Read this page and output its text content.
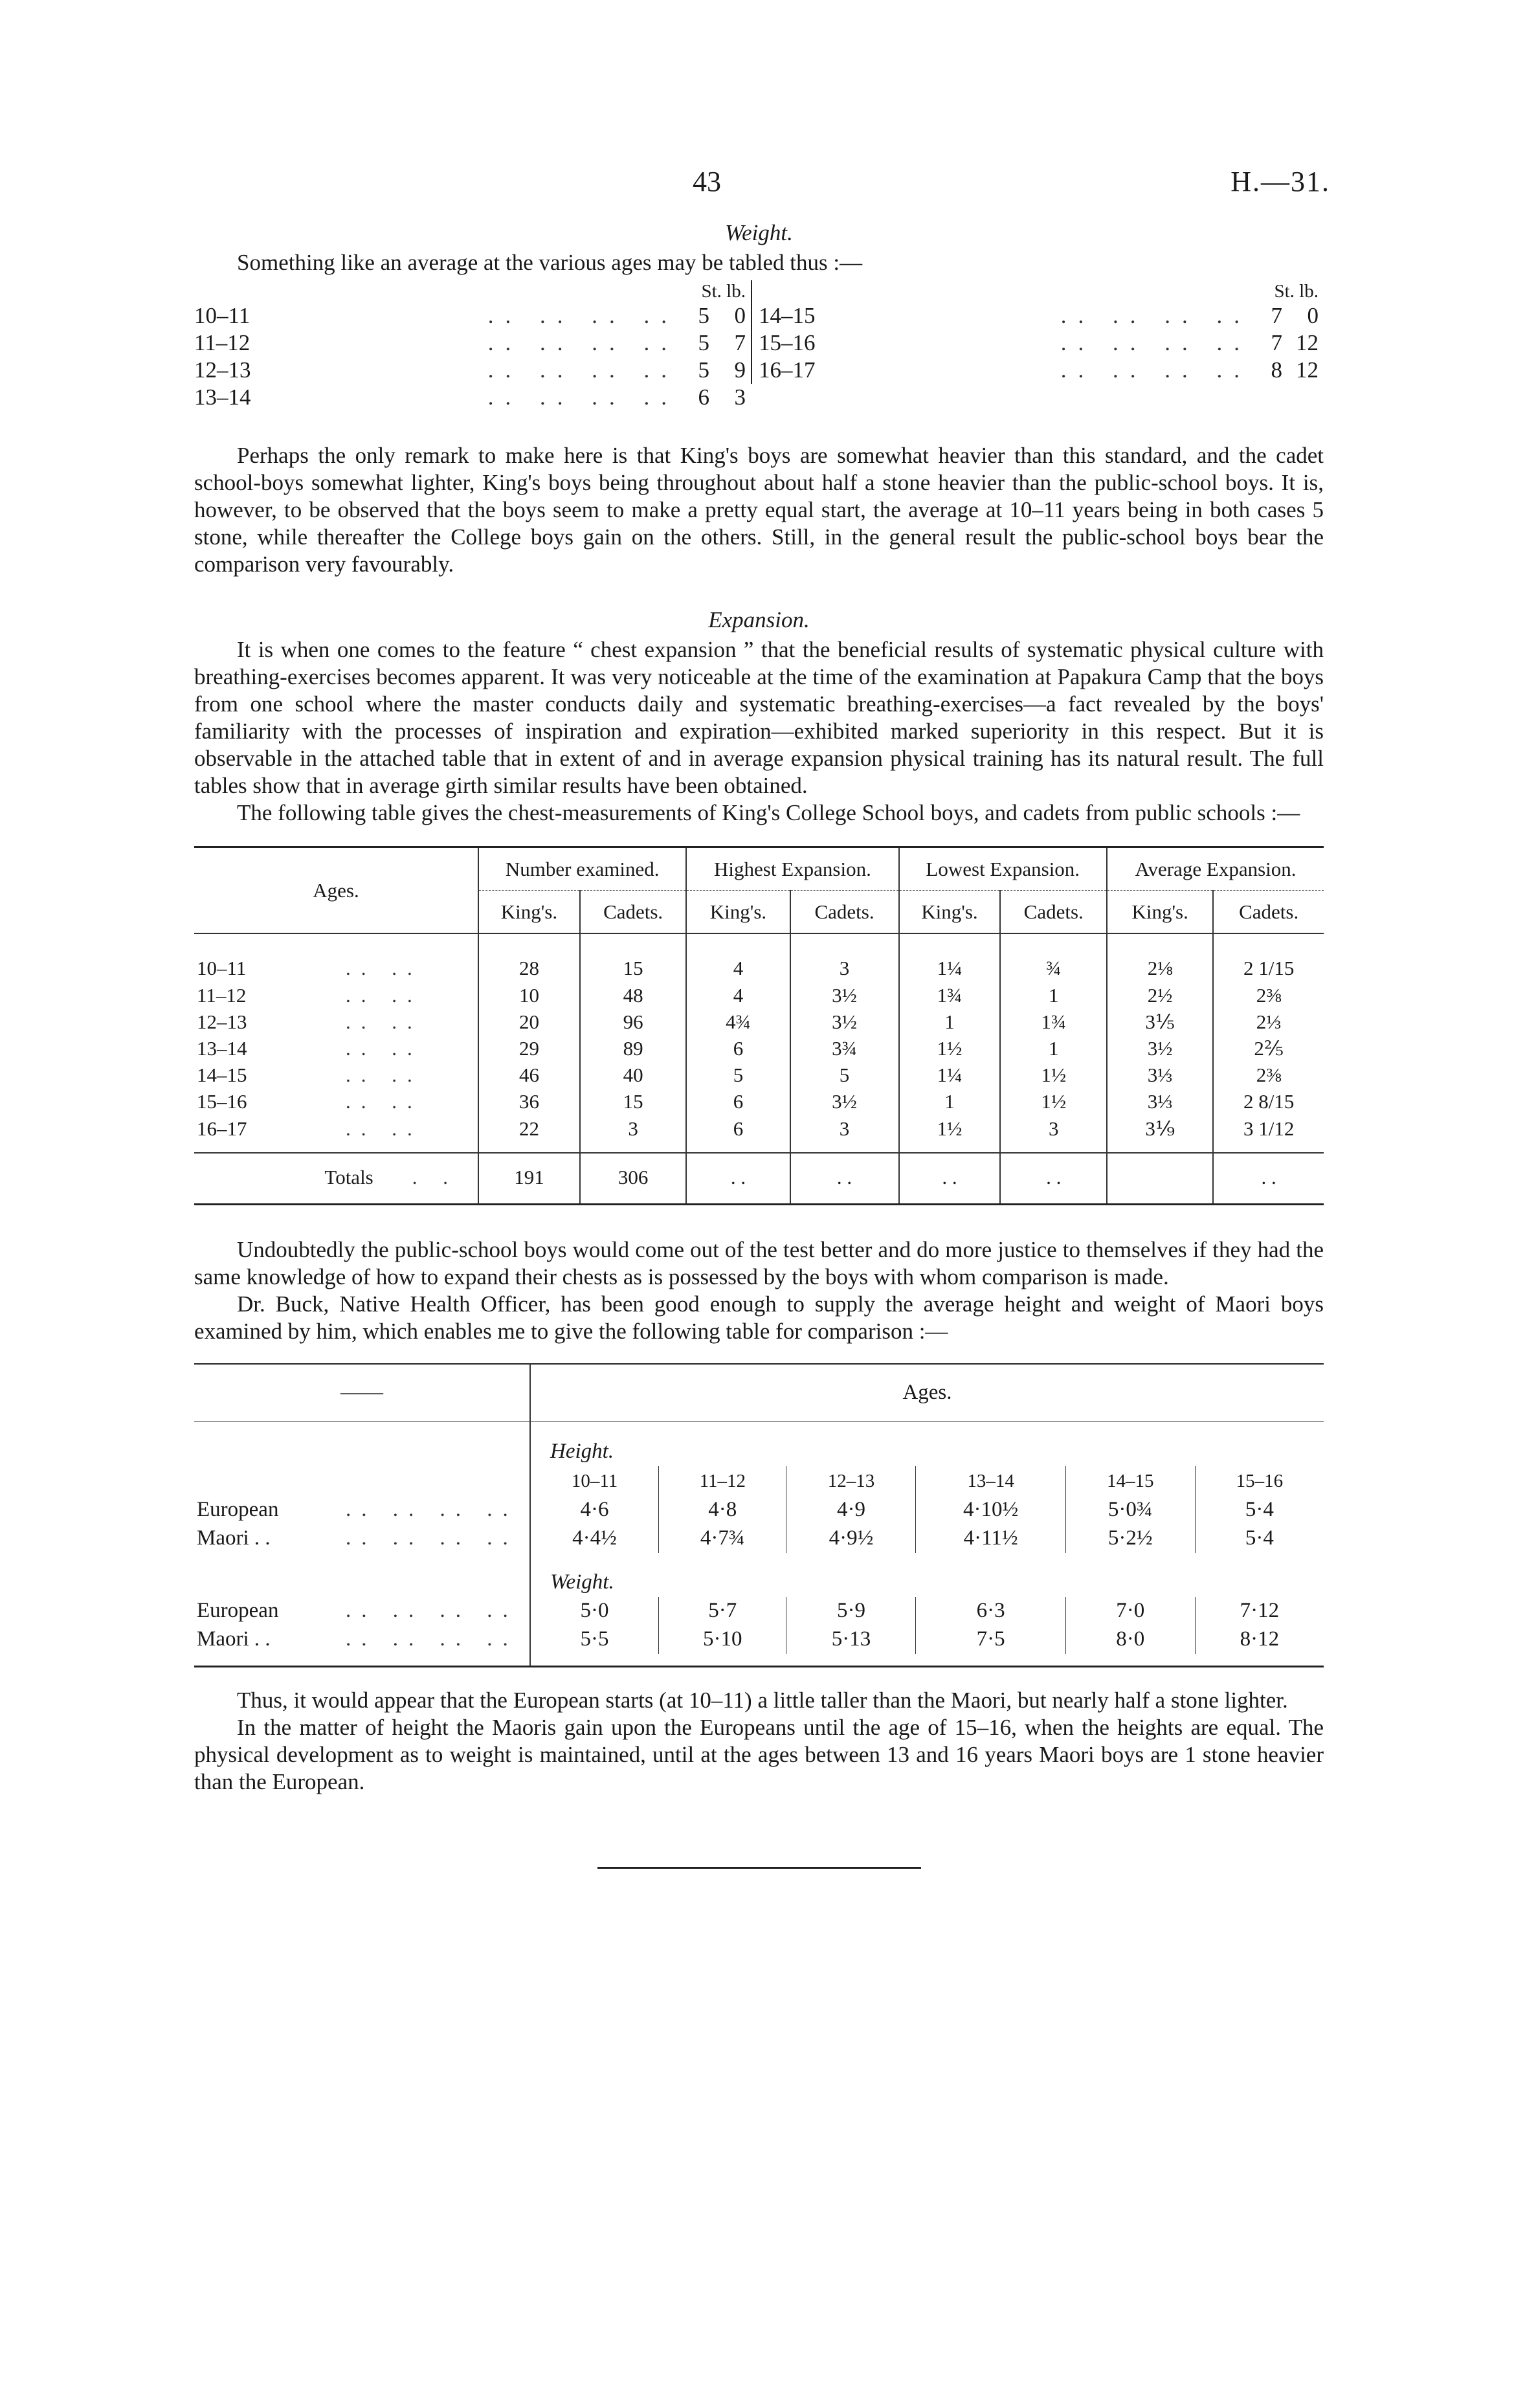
43	H.—31.
Weight.

Something like an average at the various ages may be tabled thus :—

St. lb.
10–11	.. .. .. .. 5	0
11–12	.. .. .. .. 5	7
12–13	.. .. .. .. 5	9
13–14	.. .. .. .. 6	3
St. lb.
14–15	.. .. .. .. 7	0
15–16	.. .. .. .. 7 12
16–17	.. .. .. .. 8 12

Perhaps the only remark to make here is that King's boys are somewhat heavier than this standard, and the cadet school-boys somewhat lighter, King's boys being throughout about half a stone heavier than the public-school boys. It is, however, to be observed that the boys seem to make a pretty equal start, the average at 10–11 years being in both cases 5 stone, while thereafter the College boys gain on the others. Still, in the general result the public-school boys bear the comparison very favourably.

Expansion.

It is when one comes to the feature “ chest expansion ” that the beneficial results of systematic physical culture with breathing-exercises becomes apparent. It was very noticeable at the time of the examination at Papakura Camp that the boys from one school where the master conducts daily and systematic breathing-exercises—a fact revealed by the boys' familiarity with the processes of inspiration and expiration—exhibited marked superiority in this respect. But it is observable in the attached table that in extent of and in average expansion physical training has its natural result. The full tables show that in average girth similar results have been obtained.

The following table gives the chest-measurements of King's College School boys, and cadets from public schools :—

Ages.	Number examined.		Highest Expansion.		Lowest Expansion.		Average Expansion.	
	King's.	Cadets.	King's.	Cadets.	King's.	Cadets.	King's.	Cadets.
10–11 .. ..	28	15	4	3	1¼	¾	2⅛	2 1/15
11–12 .. ..	10	48	4	3½	1¾	1	2½	2⅜
12–13 .. ..	20	96	4¾	3½	1	1¾	3⅕	2⅓
13–14 .. ..	29	89	6	3¾	1½	1	3½	2⅖
14–15 .. ..	46	40	5	5	1¼	1½	3⅓	2⅜
15–16 .. ..	36	15	6	3½	1	1½	3⅓	2 8/15
16–17 .. ..	22	3	6	3	1½	3	3⅑	3 1/12
Totals . .	191	306	. .	. .	. .	. .		. .

Undoubtedly the public-school boys would come out of the test better and do more justice to themselves if they had the same knowledge of how to expand their chests as is possessed by the boys with whom comparison is made.

Dr. Buck, Native Health Officer, has been good enough to supply the average height and weight of Maori boys examined by him, which enables me to give the following table for comparison :—

——	Ages.					
	Height.					
	10–11	11–12	12–13	13–14	14–15	15–16
European .. .. .. ..	4·6	4·8	4·9	4·10½	5·0¾	5·4
Maori . . .. .. .. ..	4·4½	4·7¾	4·9½	4·11½	5·2½	5·4
	Weight.					
European .. .. .. ..	5·0	5·7	5·9	6·3	7·0	7·12
Maori . . .. .. .. ..	5·5	5·10	5·13	7·5	8·0	8·12

Thus, it would appear that the European starts (at 10–11) a little taller than the Maori, but nearly half a stone lighter.

In the matter of height the Maoris gain upon the Europeans until the age of 15–16, when the heights are equal. The physical development as to weight is maintained, until at the ages between 13 and 16 years Maori boys are 1 stone heavier than the European.
